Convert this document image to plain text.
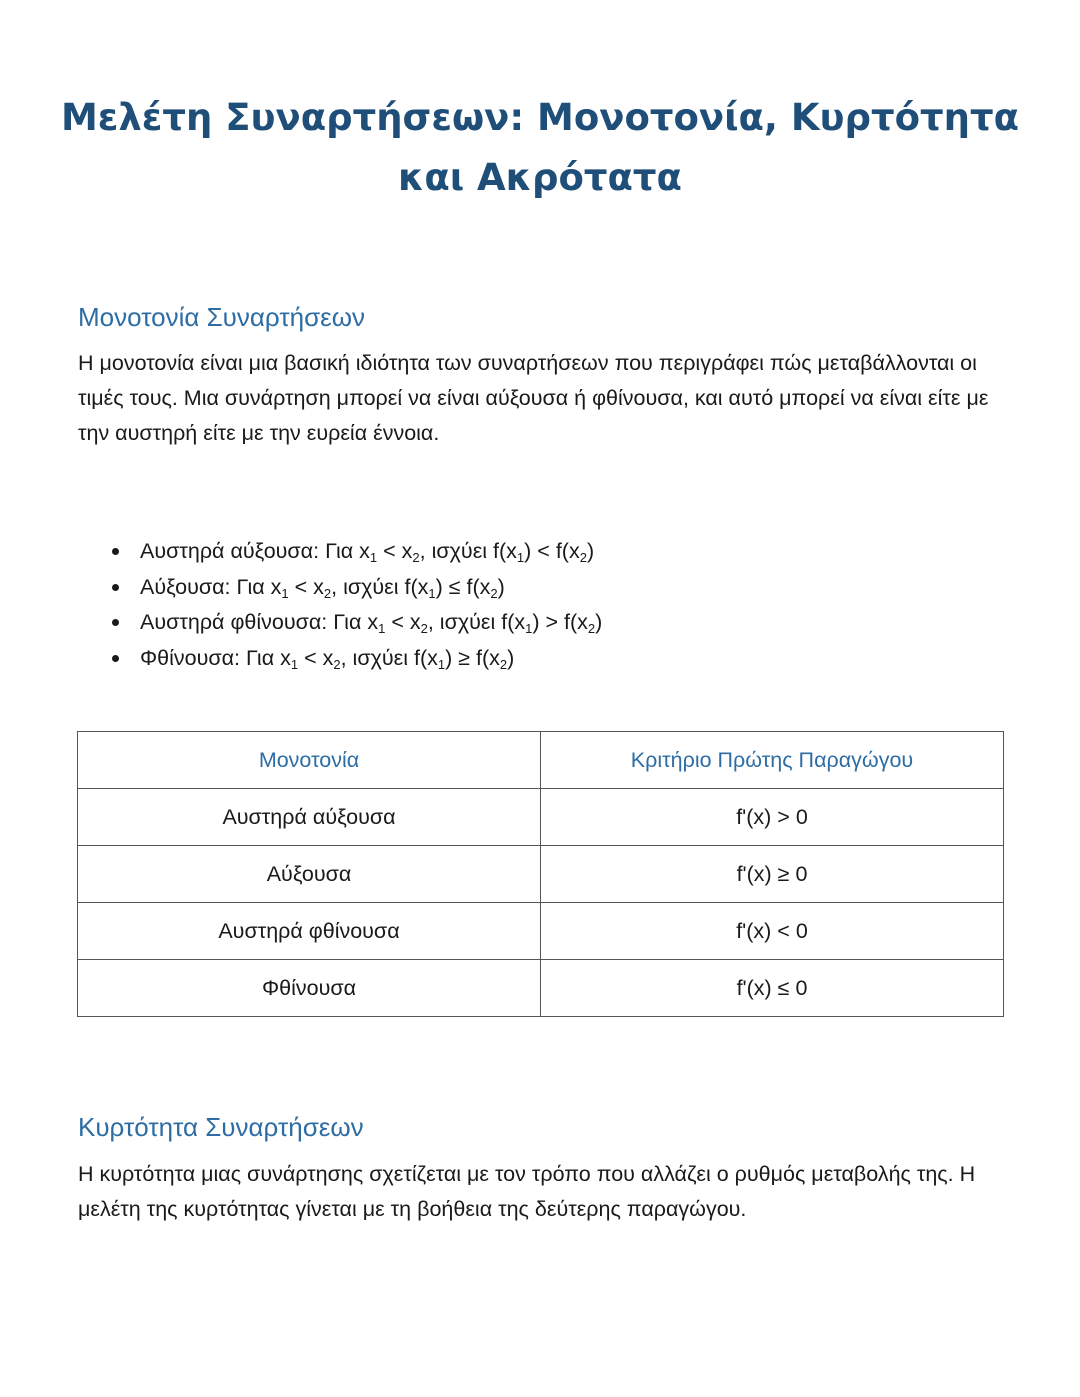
Μελέτη Συναρτήσεων: Μονοτονία, Κυρτότητα
και Ακρότατα
Μονοτονία Συναρτήσεων

Η μονοτονία είναι μια βασική ιδιότητα των συναρτήσεων που περιγράφει πώς μεταβάλλονται οι τιμές τους. Μια συνάρτηση μπορεί να είναι αύξουσα ή φθίνουσα, και αυτό μπορεί να είναι είτε με την αυστηρή είτε με την ευρεία έννοια.

Αυστηρά αύξουσα: Για $x_1 < x_2$, ισχύει $f(x_1) < f(x_2)$
Αύξουσα: Για $x_1 < x_2$, ισχύει $f(x_1) \le f(x_2)$
Αυστηρά φθίνουσα: Για $x_1 < x_2$, ισχύει $f(x_1) > f(x_2)$
Φθίνουσα: Για $x_1 < x_2$, ισχύει $f(x_1) \ge f(x_2)$
Μονοτονία	Κριτήριο Πρώτης Παραγώγου
Αυστηρά αύξουσα	f'(x) > 0
Αύξουσα	f'(x) ≥ 0
Αυστηρά φθίνουσα	f'(x) < 0
Φθίνουσα	f'(x) ≤ 0
Κυρτότητα Συναρτήσεων

Η κυρτότητα μιας συνάρτησης σχετίζεται με τον τρόπο που αλλάζει ο ρυθμός μεταβολής της. Η μελέτη της κυρτότητας γίνεται με τη βοήθεια της δεύτερης παραγώγου.
